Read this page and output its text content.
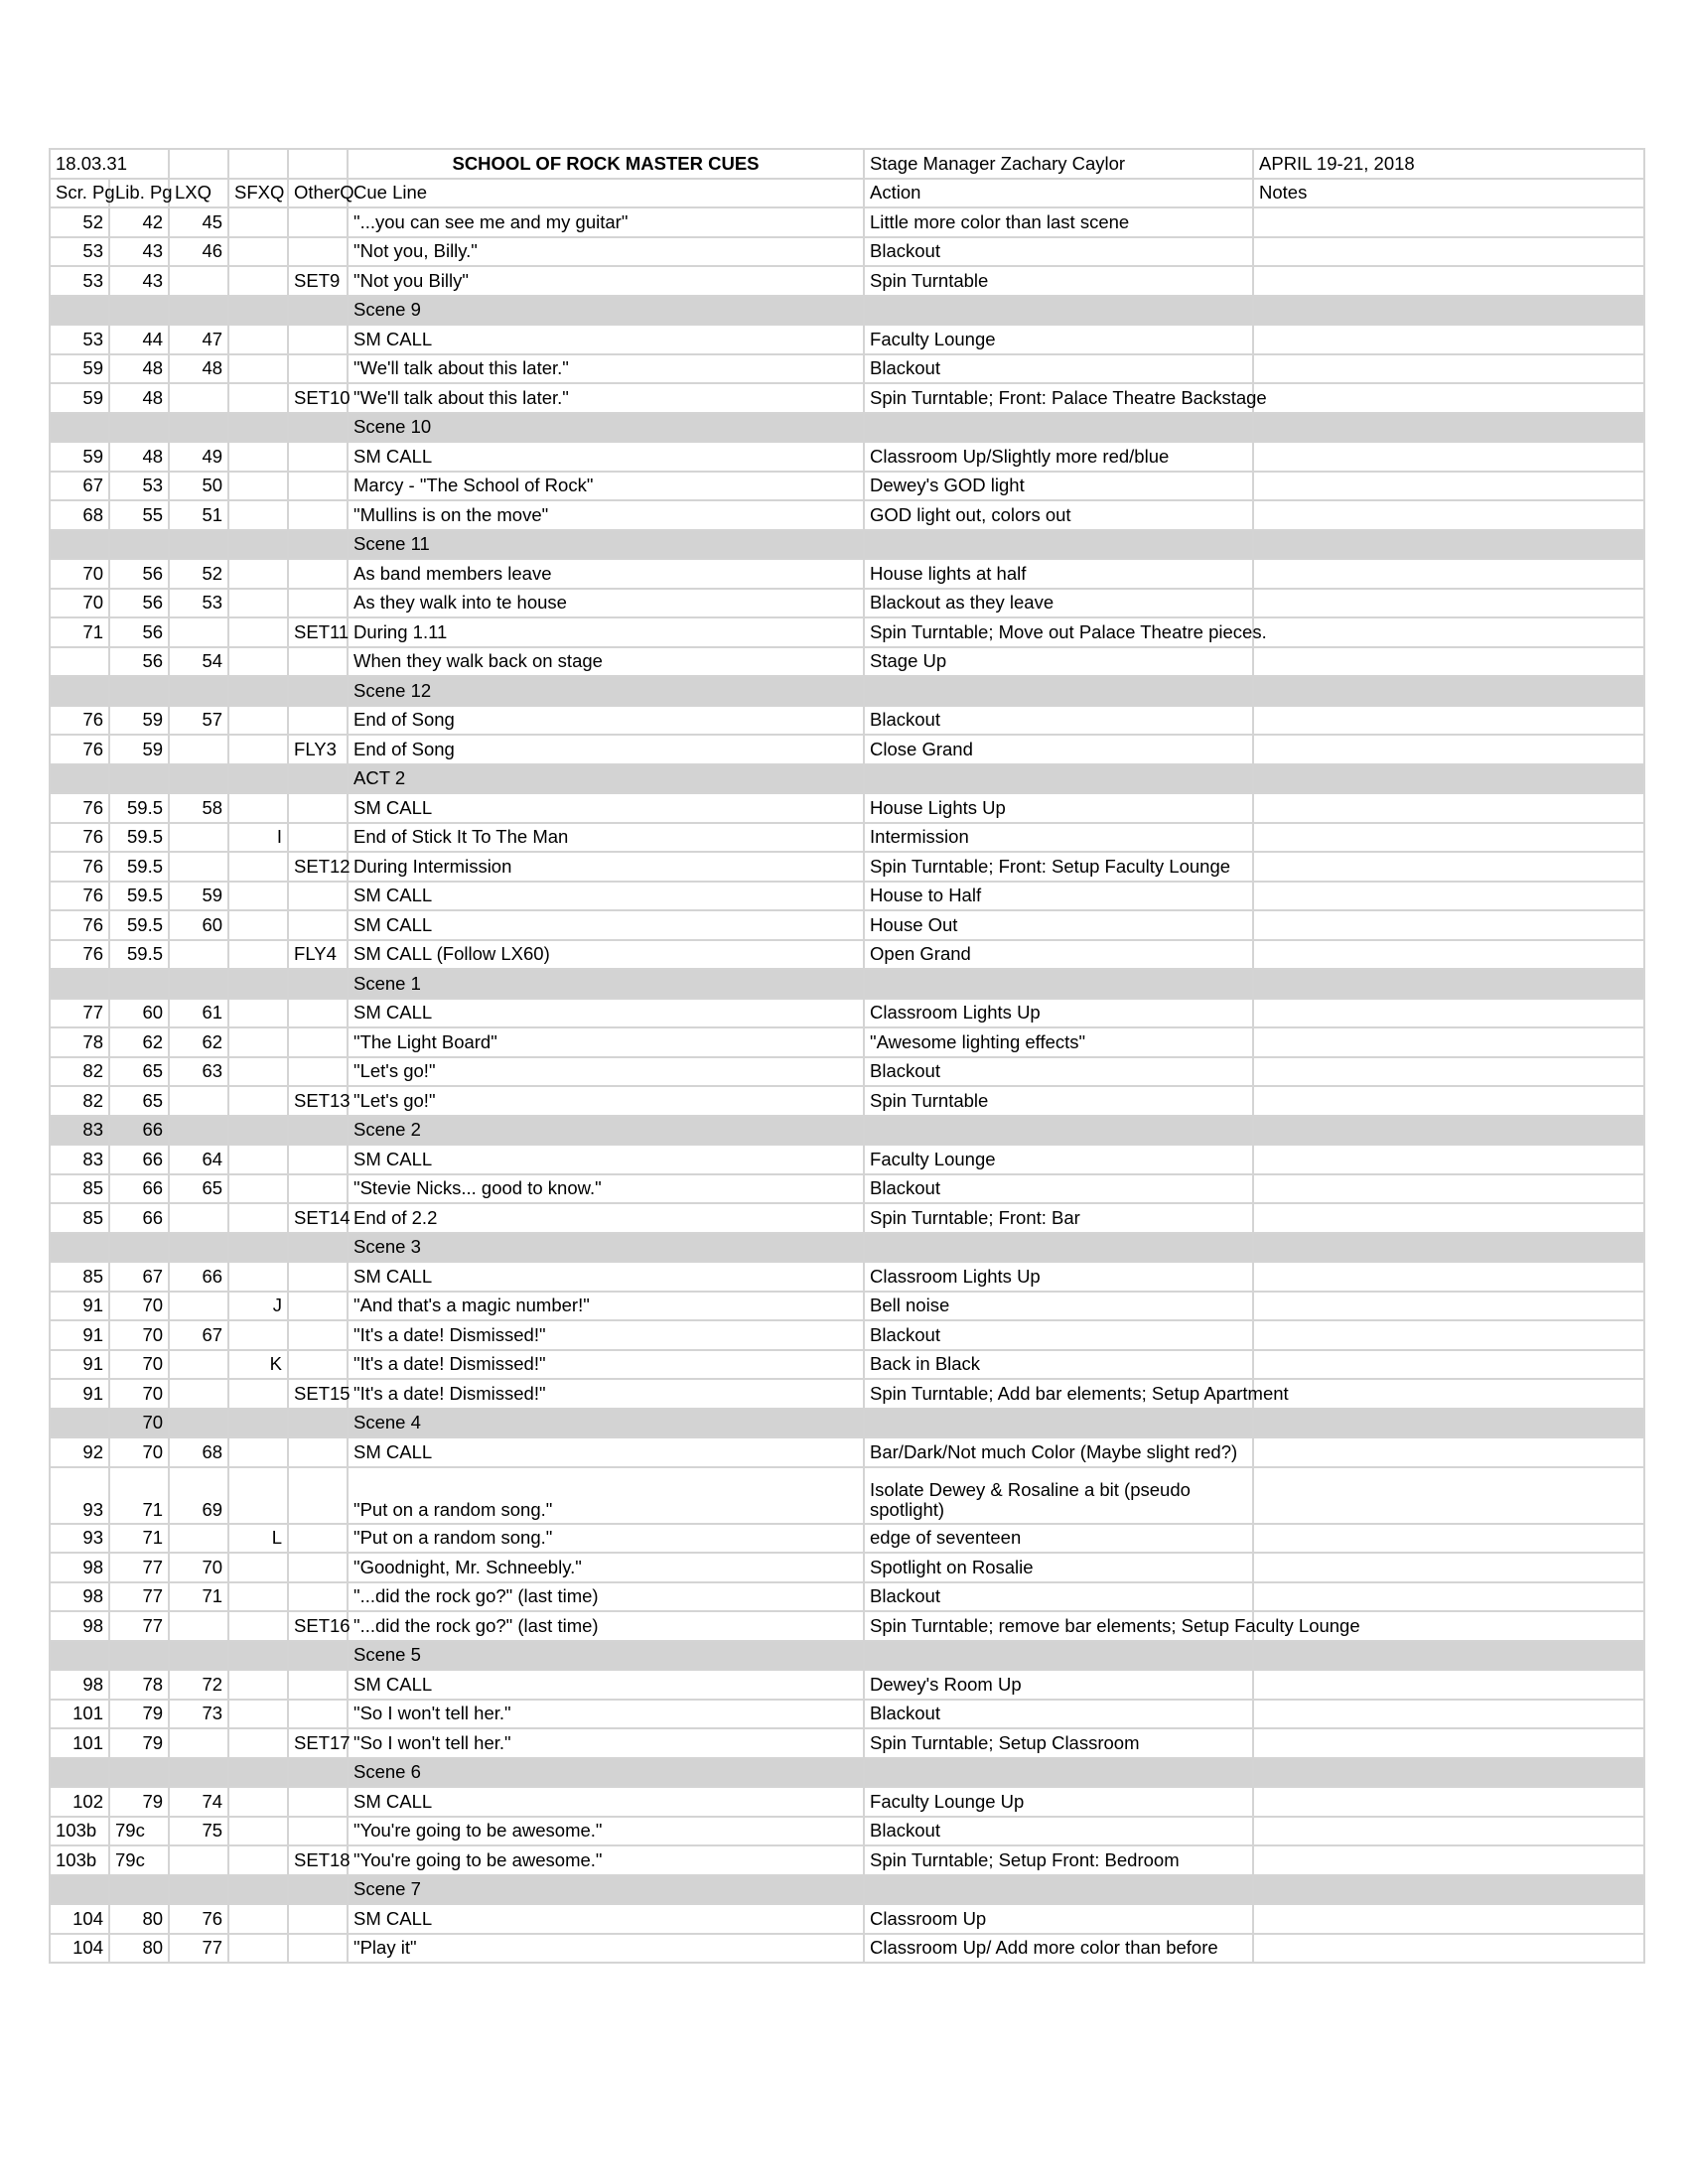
18.03.31					SCHOOL OF ROCK MASTER CUES	Stage Manager Zachary Caylor	APRIL 19-21, 2018
Scr. Pg	Lib. Pg	LXQ	SFXQ	OtherQ	Cue Line	Action	Notes
52	42	45			"...you can see me and my guitar"	Little more color than last scene	
53	43	46			"Not you, Billy."	Blackout	
53	43			SET9	"Not you Billy"	Spin Turntable	
					Scene 9		
53	44	47			SM CALL	Faculty Lounge	
59	48	48			"We'll talk about this later."	Blackout	
59	48			SET10	"We'll talk about this later."	Spin Turntable; Front: Palace Theatre Backstage	
					Scene 10		
59	48	49			SM CALL	Classroom Up/Slightly more red/blue	
67	53	50			Marcy - "The School of Rock"	Dewey's GOD light	
68	55	51			"Mullins is on the move"	GOD light out, colors out	
					Scene 11		
70	56	52			As band members leave	House lights at half	
70	56	53			As they walk into te house	Blackout as they leave	
71	56			SET11	During 1.11	Spin Turntable; Move out Palace Theatre pieces.	
	56	54			When they walk back on stage	Stage Up	
					Scene 12		
76	59	57			End of Song	Blackout	
76	59			FLY3	End of Song	Close Grand	
					ACT 2		
76	59.5	58			SM CALL	House Lights Up	
76	59.5		I		End of Stick It To The Man	Intermission	
76	59.5			SET12	During Intermission	Spin Turntable; Front: Setup Faculty Lounge	
76	59.5	59			SM CALL	House to Half	
76	59.5	60			SM CALL	House Out	
76	59.5			FLY4	SM CALL (Follow LX60)	Open Grand	
					Scene 1		
77	60	61			SM CALL	Classroom Lights Up	
78	62	62			"The Light Board"	"Awesome lighting effects"	
82	65	63			"Let's go!"	Blackout	
82	65			SET13	"Let's go!"	Spin Turntable	
83	66				Scene 2		
83	66	64			SM CALL	Faculty Lounge	
85	66	65			"Stevie Nicks... good to know."	Blackout	
85	66			SET14	End of 2.2	Spin Turntable; Front: Bar	
					Scene 3		
85	67	66			SM CALL	Classroom Lights Up	
91	70		J		"And that's a magic number!"	Bell noise	
91	70	67			"It's a date! Dismissed!"	Blackout	
91	70		K		"It's a date! Dismissed!"	Back in Black	
91	70			SET15	"It's a date! Dismissed!"	Spin Turntable; Add bar elements; Setup Apartment	
	70				Scene 4		
92	70	68			SM CALL	Bar/Dark/Not much Color (Maybe slight red?)	
93	71	69			"Put on a random song."	Isolate Dewey & Rosaline a bit (pseudo spotlight)	
93	71		L		"Put on a random song."	edge of seventeen	
98	77	70			"Goodnight, Mr. Schneebly."	Spotlight on Rosalie	
98	77	71			"...did the rock go?" (last time)	Blackout	
98	77			SET16	"...did the rock go?" (last time)	Spin Turntable; remove bar elements; Setup Faculty Lounge	
					Scene 5		
98	78	72			SM CALL	Dewey's Room Up	
101	79	73			"So I won't tell her."	Blackout	
101	79			SET17	"So I won't tell her."	Spin Turntable; Setup Classroom	
					Scene 6		
102	79	74			SM CALL	Faculty Lounge Up	
103b	79c	75			"You're going to be awesome."	Blackout	
103b	79c			SET18	"You're going to be awesome."	Spin Turntable; Setup Front: Bedroom	
					Scene 7		
104	80	76			SM CALL	Classroom Up	
104	80	77			"Play it"	Classroom Up/ Add more color than before	
